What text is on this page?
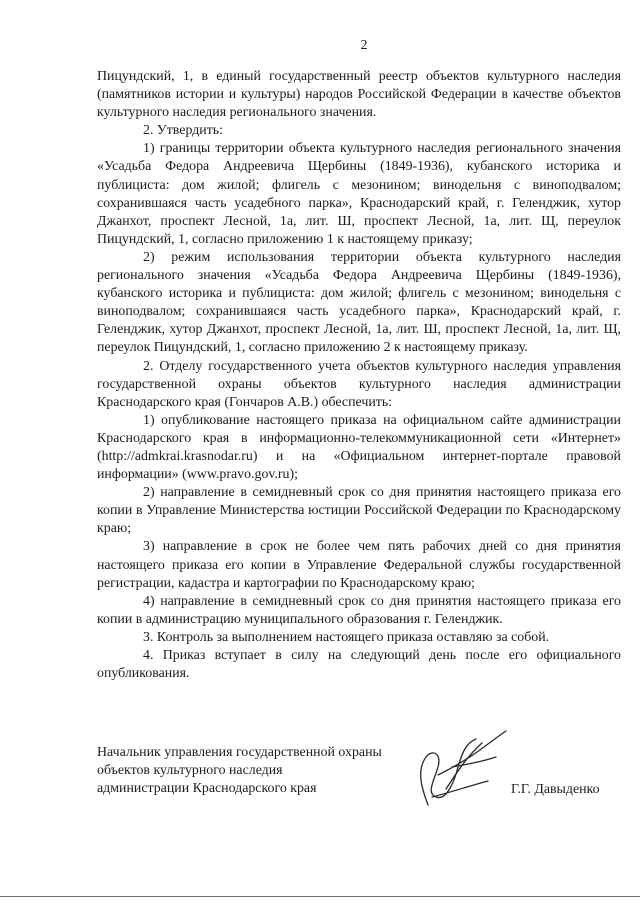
2

Пицундский, 1, в единый государственный реестр объектов культурного наследия (памятников истории и культуры) народов Российской Федерации в качестве объектов культурного наследия регионального значения.

2. Утвердить:

1) границы территории объекта культурного наследия регионального значения «Усадьба Федора Андреевича Щербины (1849-1936), кубанского историка и публициста: дом жилой; флигель с мезонином; винодельня с виноподвалом; сохранившаяся часть усадебного парка», Краснодарский край, г. Геленджик, хутор Джанхот, проспект Лесной, 1а, лит. Ш, проспект Лесной, 1а, лит. Щ, переулок Пицундский, 1, согласно приложению 1 к настоящему приказу;

2) режим использования территории объекта культурного наследия регионального значения «Усадьба Федора Андреевича Щербины (1849-1936), кубанского историка и публициста: дом жилой; флигель с мезонином; винодельня с виноподвалом; сохранившаяся часть усадебного парка», Краснодарский край, г. Геленджик, хутор Джанхот, проспект Лесной, 1а, лит. Ш, проспект Лесной, 1а, лит. Щ, переулок Пицундский, 1, согласно приложению 2 к настоящему приказу.

2. Отделу государственного учета объектов культурного наследия управления государственной охраны объектов культурного наследия администрации Краснодарского края (Гончаров А.В.) обеспечить:

1) опубликование настоящего приказа на официальном сайте администрации Краснодарского края в информационно-телекоммуникационной сети «Интернет» (http://admkrai.krasnodar.ru) и на «Официальном интернет-портале правовой информации» (www.pravo.gov.ru);

2) направление в семидневный срок со дня принятия настоящего приказа его копии в Управление Министерства юстиции Российской Федерации по Краснодарскому краю;

3) направление в срок не более чем пять рабочих дней со дня принятия настоящего приказа его копии в Управление Федеральной службы государственной регистрации, кадастра и картографии по Краснодарскому краю;

4) направление в семидневный срок со дня принятия настоящего приказа его копии в администрацию муниципального образования г. Геленджик.

3. Контроль за выполнением настоящего приказа оставляю за собой.

4. Приказ вступает в силу на следующий день после его официального опубликования.

Начальник управления государственной охраны
объектов культурного наследия
администрации Краснодарского края	Г.Г. Давыденко
